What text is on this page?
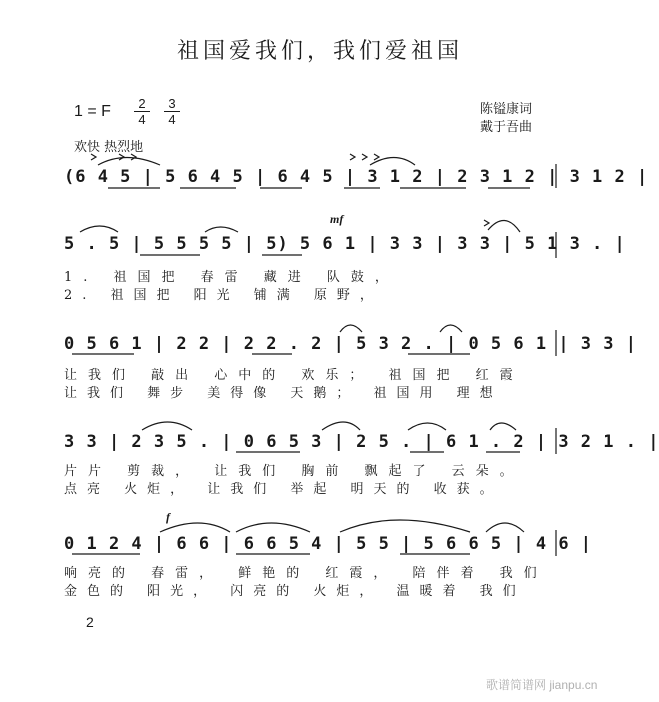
祖国爱我们，我们爱祖国
1 = F $\frac{2}{4} \frac{3}{4}$	陈镒康词
戴于吾曲
欢快 热烈地
(6 4 5 | 5 6 4 5 | 6 4 5 | 3 1 2 | 2 3 1 2 | 3 1 2 |
mf
5 . 5 | 5 5 5 5 | 5) 5 6 1 | 3 3 | 3 3 | 5 1 3 . |
1. 祖国把 春雷 藏进 队鼓，
2. 祖国把 阳光 铺满 原野，
0 5 6 1 | 2 2 | 2 2 . 2 | 5 3 2 . | 0 5 6 1 | 3 3 |
让我们 敲出 心中的 欢乐； 祖国把 红霞
让我们 舞步 美得像 天鹅； 祖国用 理想
3 3 | 2 3 5 . | 0 6 5 3 | 2 5 . | 6 1 . 2 | 3 2 1 . |
片片 剪裁， 让我们 胸前 飘起了 云朵。
点亮 火炬， 让我们 举起 明天的 收获。
f
0 1 2 4 | 6 6 | 6 6 5 4 | 5 5 | 5 6 6 5 | 4 6 |
响亮的 春雷， 鲜艳的 红霞， 陪伴着 我们
金色的 阳光， 闪亮的 火炬， 温暖着 我们
2
歌谱简谱网 jianpu.cn
